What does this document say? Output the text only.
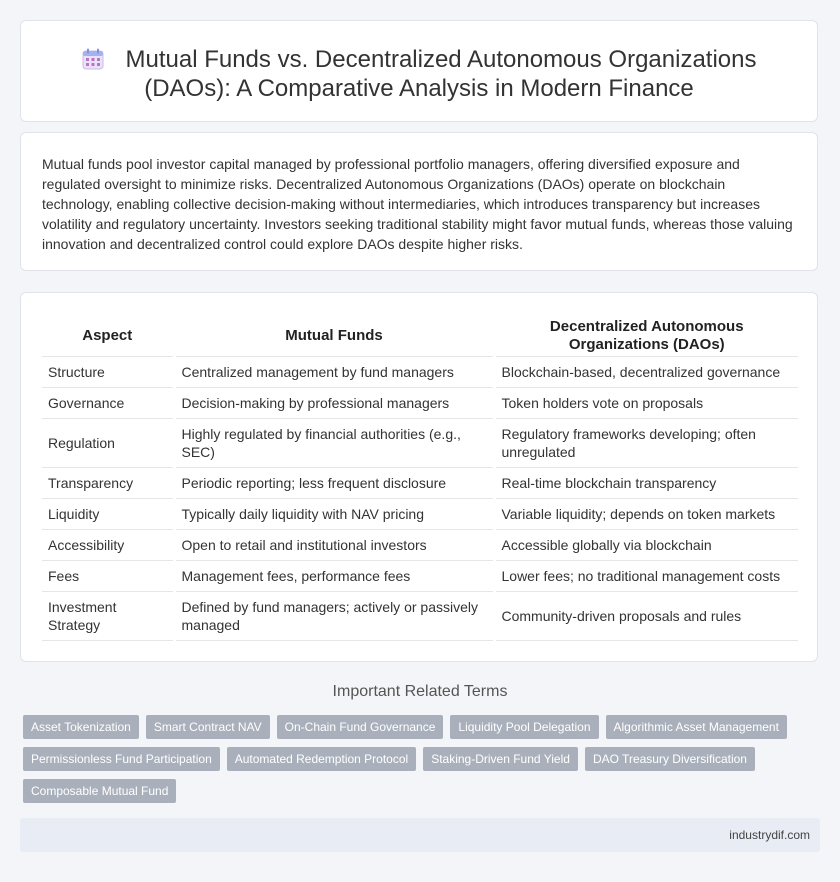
Mutual Funds vs. Decentralized Autonomous Organizations
(DAOs): A Comparative Analysis in Modern Finance
Mutual funds pool investor capital managed by professional portfolio managers, offering diversified exposure and regulated oversight to minimize risks. Decentralized Autonomous Organizations (DAOs) operate on blockchain technology, enabling collective decision-making without intermediaries, which introduces transparency but increases volatility and regulatory uncertainty. Investors seeking traditional stability might favor mutual funds, whereas those valuing innovation and decentralized control could explore DAOs despite higher risks.
Aspect	Mutual Funds	Decentralized Autonomous Organizations (DAOs)
Structure	Centralized management by fund managers	Blockchain-based, decentralized governance
Governance	Decision-making by professional managers	Token holders vote on proposals
Regulation	Highly regulated by financial authorities (e.g., SEC)	Regulatory frameworks developing; often unregulated
Transparency	Periodic reporting; less frequent disclosure	Real-time blockchain transparency
Liquidity	Typically daily liquidity with NAV pricing	Variable liquidity; depends on token markets
Accessibility	Open to retail and institutional investors	Accessible globally via blockchain
Fees	Management fees, performance fees	Lower fees; no traditional management costs
Investment Strategy	Defined by fund managers; actively or passively managed	Community-driven proposals and rules
Important Related Terms
Asset Tokenization Smart Contract NAV On-Chain Fund Governance Liquidity Pool Delegation Algorithmic Asset Management
Permissionless Fund Participation Automated Redemption Protocol Staking-Driven Fund Yield DAO Treasury Diversification
Composable Mutual Fund
industrydif.com
